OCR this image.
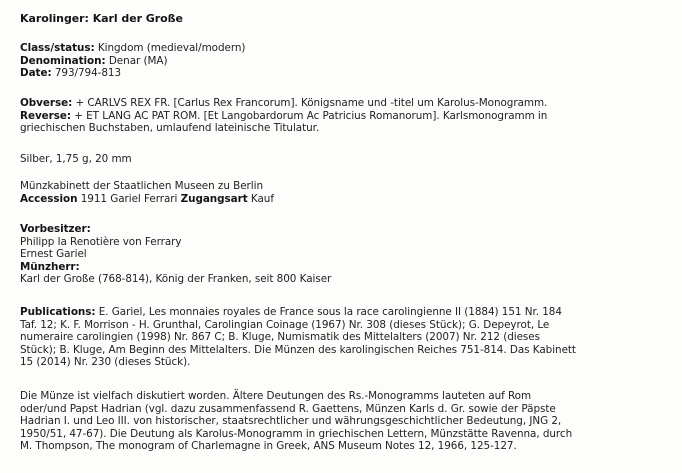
Karolinger: Karl der Große
Class/status: Kingdom (medieval/modern)
Denomination: Denar (MA)
Date: 793/794-813
Obverse: + CARLVS REX FR. [Carlus Rex Francorum]. Königsname und -titel um Karolus-Monogramm.
Reverse: + ET LANG AC PAT ROM. [Et Langobardorum Ac Patricius Romanorum]. Karlsmonogramm in
griechischen Buchstaben, umlaufend lateinische Titulatur.
Silber, 1,75 g, 20 mm
Münzkabinett der Staatlichen Museen zu Berlin
Accession 1911 Gariel Ferrari Zugangsart Kauf
Vorbesitzer:
Philipp la Renotière von Ferrary
Ernest Gariel
Münzherr:
Karl der Große (768-814), König der Franken, seit 800 Kaiser
Publications: E. Gariel, Les monnaies royales de France sous la race carolingienne II (1884) 151 Nr. 184
Taf. 12; K. F. Morrison - H. Grunthal, Carolingian Coinage (1967) Nr. 308 (dieses Stück); G. Depeyrot, Le
numeraire carolingien (1998) Nr. 867 C; B. Kluge, Numismatik des Mittelalters (2007) Nr. 212 (dieses
Stück); B. Kluge, Am Beginn des Mittelalters. Die Münzen des karolingischen Reiches 751-814. Das Kabinett
15 (2014) Nr. 230 (dieses Stück).
Die Münze ist vielfach diskutiert worden. Ältere Deutungen des Rs.-Monogramms lauteten auf Rom
oder/und Papst Hadrian (vgl. dazu zusammenfassend R. Gaettens, Münzen Karls d. Gr. sowie der Päpste
Hadrian I. und Leo III. von historischer, staatsrechtlicher und währungsgeschichtlicher Bedeutung, JNG 2,
1950/51, 47-67). Die Deutung als Karolus-Monogramm in griechischen Lettern, Münzstätte Ravenna, durch
M. Thompson, The monogram of Charlemagne in Greek, ANS Museum Notes 12, 1966, 125-127.
